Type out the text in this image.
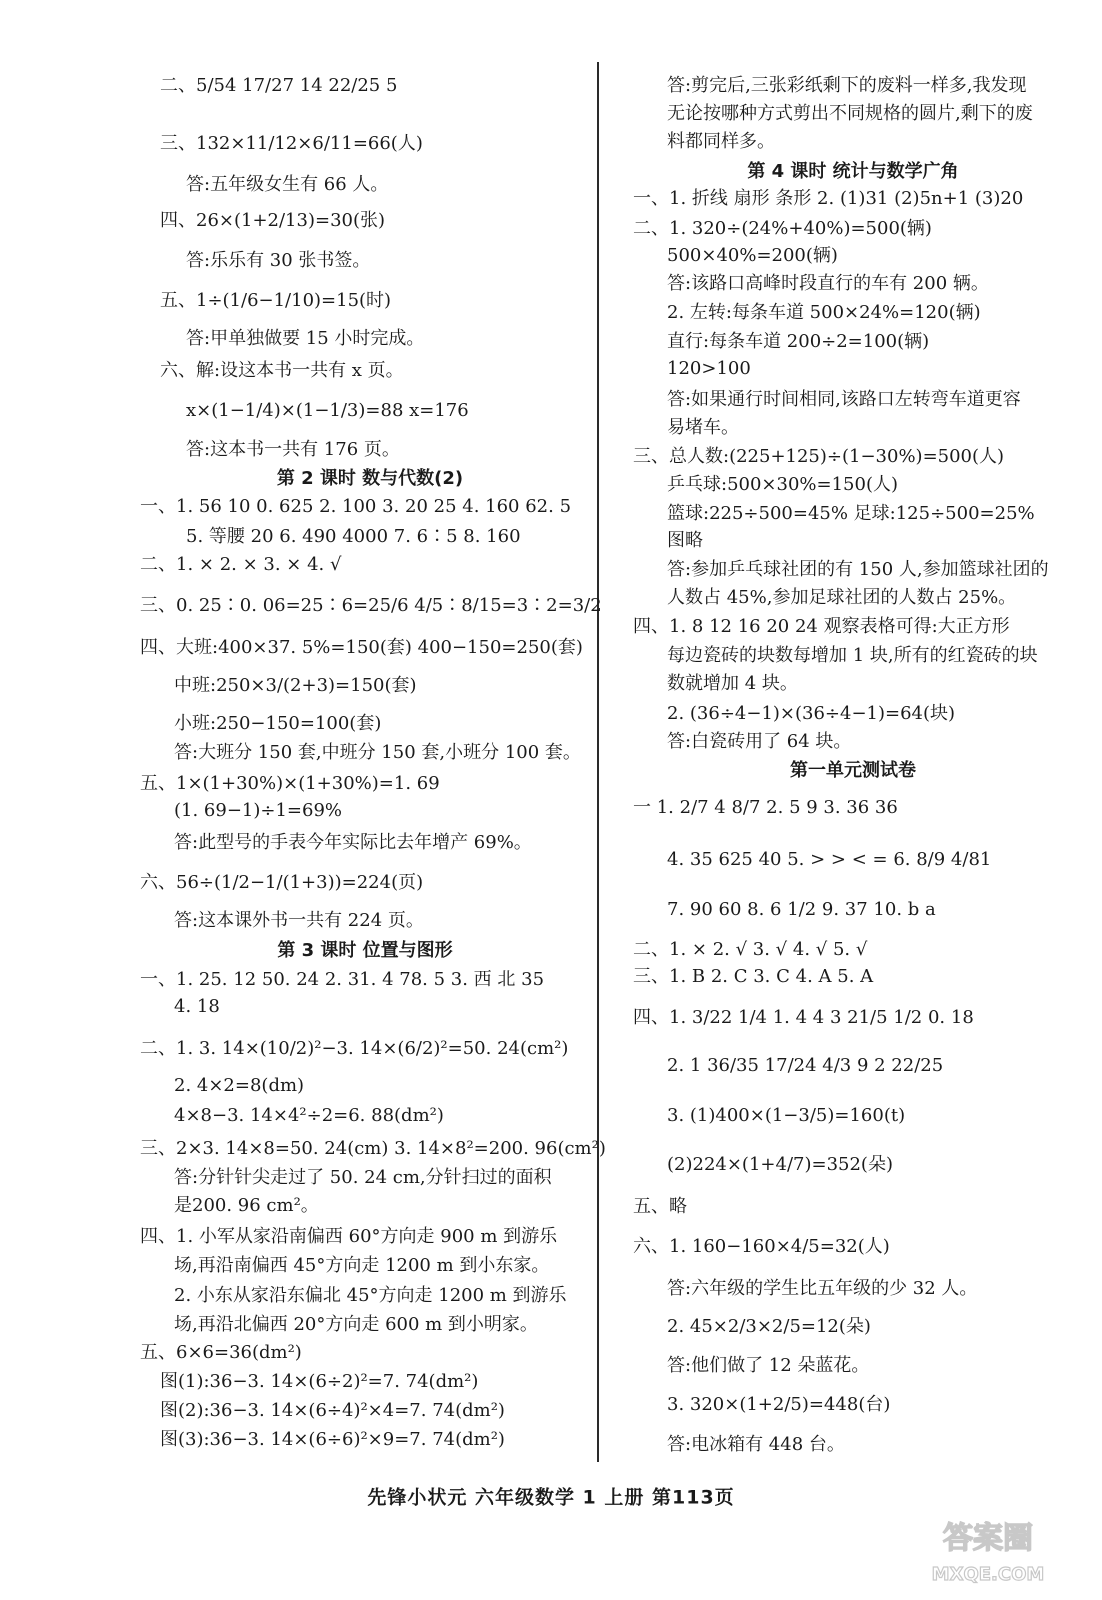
二、5/54 17/27 14 22/25 5
三、132×11/12×6/11=66(人)
答:五年级女生有 66 人。
四、26×(1+2/13)=30(张)
答:乐乐有 30 张书签。
五、1÷(1/6−1/10)=15(时)
答:甲单独做要 15 小时完成。
六、解:设这本书一共有 x 页。
x×(1−1/4)×(1−1/3)=88 x=176
答:这本书一共有 176 页。
第 2 课时 数与代数(2)
一、1. 56 10 0. 625 2. 100 3. 20 25 4. 160 62. 5
5. 等腰 20 6. 490 4000 7. 6∶5 8. 160
二、1. × 2. × 3. × 4. √
三、0. 25∶0. 06=25∶6=25/6 4/5∶8/15=3∶2=3/2
四、大班:400×37. 5%=150(套) 400−150=250(套)
中班:250×3/(2+3)=150(套)
小班:250−150=100(套)
答:大班分 150 套,中班分 150 套,小班分 100 套。
五、1×(1+30%)×(1+30%)=1. 69
(1. 69−1)÷1=69%
答:此型号的手表今年实际比去年增产 69%。
六、56÷(1/2−1/(1+3))=224(页)
答:这本课外书一共有 224 页。
第 3 课时 位置与图形
一、1. 25. 12 50. 24 2. 31. 4 78. 5 3. 西 北 35
4. 18
二、1. 3. 14×(10/2)²−3. 14×(6/2)²=50. 24(cm²)
2. 4×2=8(dm)
4×8−3. 14×4²÷2=6. 88(dm²)
三、2×3. 14×8=50. 24(cm) 3. 14×8²=200. 96(cm²)
答:分针针尖走过了 50. 24 cm,分针扫过的面积
是200. 96 cm²。
四、1. 小军从家沿南偏西 60°方向走 900 m 到游乐
场,再沿南偏西 45°方向走 1200 m 到小东家。
2. 小东从家沿东偏北 45°方向走 1200 m 到游乐
场,再沿北偏西 20°方向走 600 m 到小明家。
五、6×6=36(dm²)
图(1):36−3. 14×(6÷2)²=7. 74(dm²)
图(2):36−3. 14×(6÷4)²×4=7. 74(dm²)
图(3):36−3. 14×(6÷6)²×9=7. 74(dm²)
答:剪完后,三张彩纸剩下的废料一样多,我发现
无论按哪种方式剪出不同规格的圆片,剩下的废
料都同样多。
第 4 课时 统计与数学广角
一、1. 折线 扇形 条形 2. (1)31 (2)5n+1 (3)20
二、1. 320÷(24%+40%)=500(辆)
500×40%=200(辆)
答:该路口高峰时段直行的车有 200 辆。
2. 左转:每条车道 500×24%=120(辆)
直行:每条车道 200÷2=100(辆)
120>100
答:如果通行时间相同,该路口左转弯车道更容
易堵车。
三、总人数:(225+125)÷(1−30%)=500(人)
乒乓球:500×30%=150(人)
篮球:225÷500=45% 足球:125÷500=25%
图略
答:参加乒乓球社团的有 150 人,参加篮球社团的
人数占 45%,参加足球社团的人数占 25%。
四、1. 8 12 16 20 24 观察表格可得:大正方形
每边瓷砖的块数每增加 1 块,所有的红瓷砖的块
数就增加 4 块。
2. (36÷4−1)×(36÷4−1)=64(块)
答:白瓷砖用了 64 块。
第一单元测试卷
一 1. 2/7 4 8/7 2. 5 9 3. 36 36
4. 35 625 40 5. > > < = 6. 8/9 4/81
7. 90 60 8. 6 1/2 9. 37 10. b a
二、1. × 2. √ 3. √ 4. √ 5. √
三、1. B 2. C 3. C 4. A 5. A
四、1. 3/22 1/4 1. 4 4 3 21/5 1/2 0. 18
2. 1 36/35 17/24 4/3 9 2 22/25
3. (1)400×(1−3/5)=160(t)
(2)224×(1+4/7)=352(朵)
五、略
六、1. 160−160×4/5=32(人)
答:六年级的学生比五年级的少 32 人。
2. 45×2/3×2/5=12(朵)
答:他们做了 12 朵蓝花。
3. 320×(1+2/5)=448(台)
答:电冰箱有 448 台。
先锋小状元 六年级数学 1 上册 第113页
答案圈
MXQE.COM
